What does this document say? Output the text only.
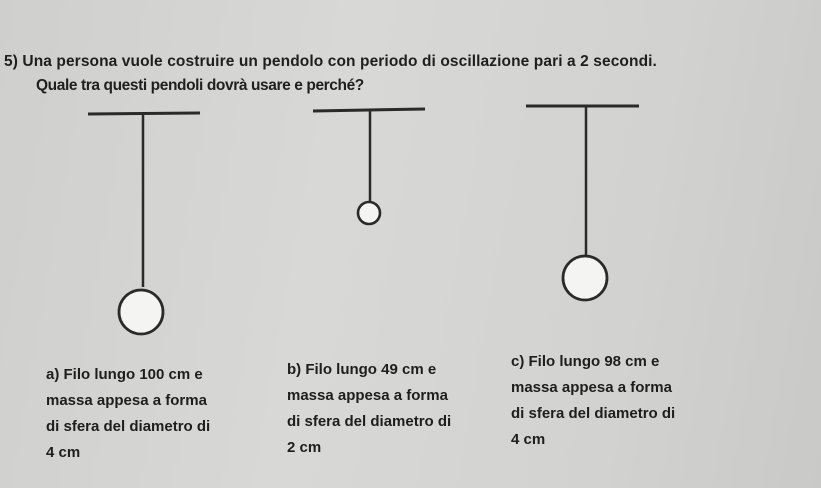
5) Una persona vuole costruire un pendolo con periodo di oscillazione pari a 2 secondi.
Quale tra questi pendoli dovrà usare e perché?
a) Filo lungo 100 cm e
massa appesa a forma
di sfera del diametro di
4 cm
b) Filo lungo 49 cm e
massa appesa a forma
di sfera del diametro di
2 cm
c) Filo lungo 98 cm e
massa appesa a forma
di sfera del diametro di
4 cm
